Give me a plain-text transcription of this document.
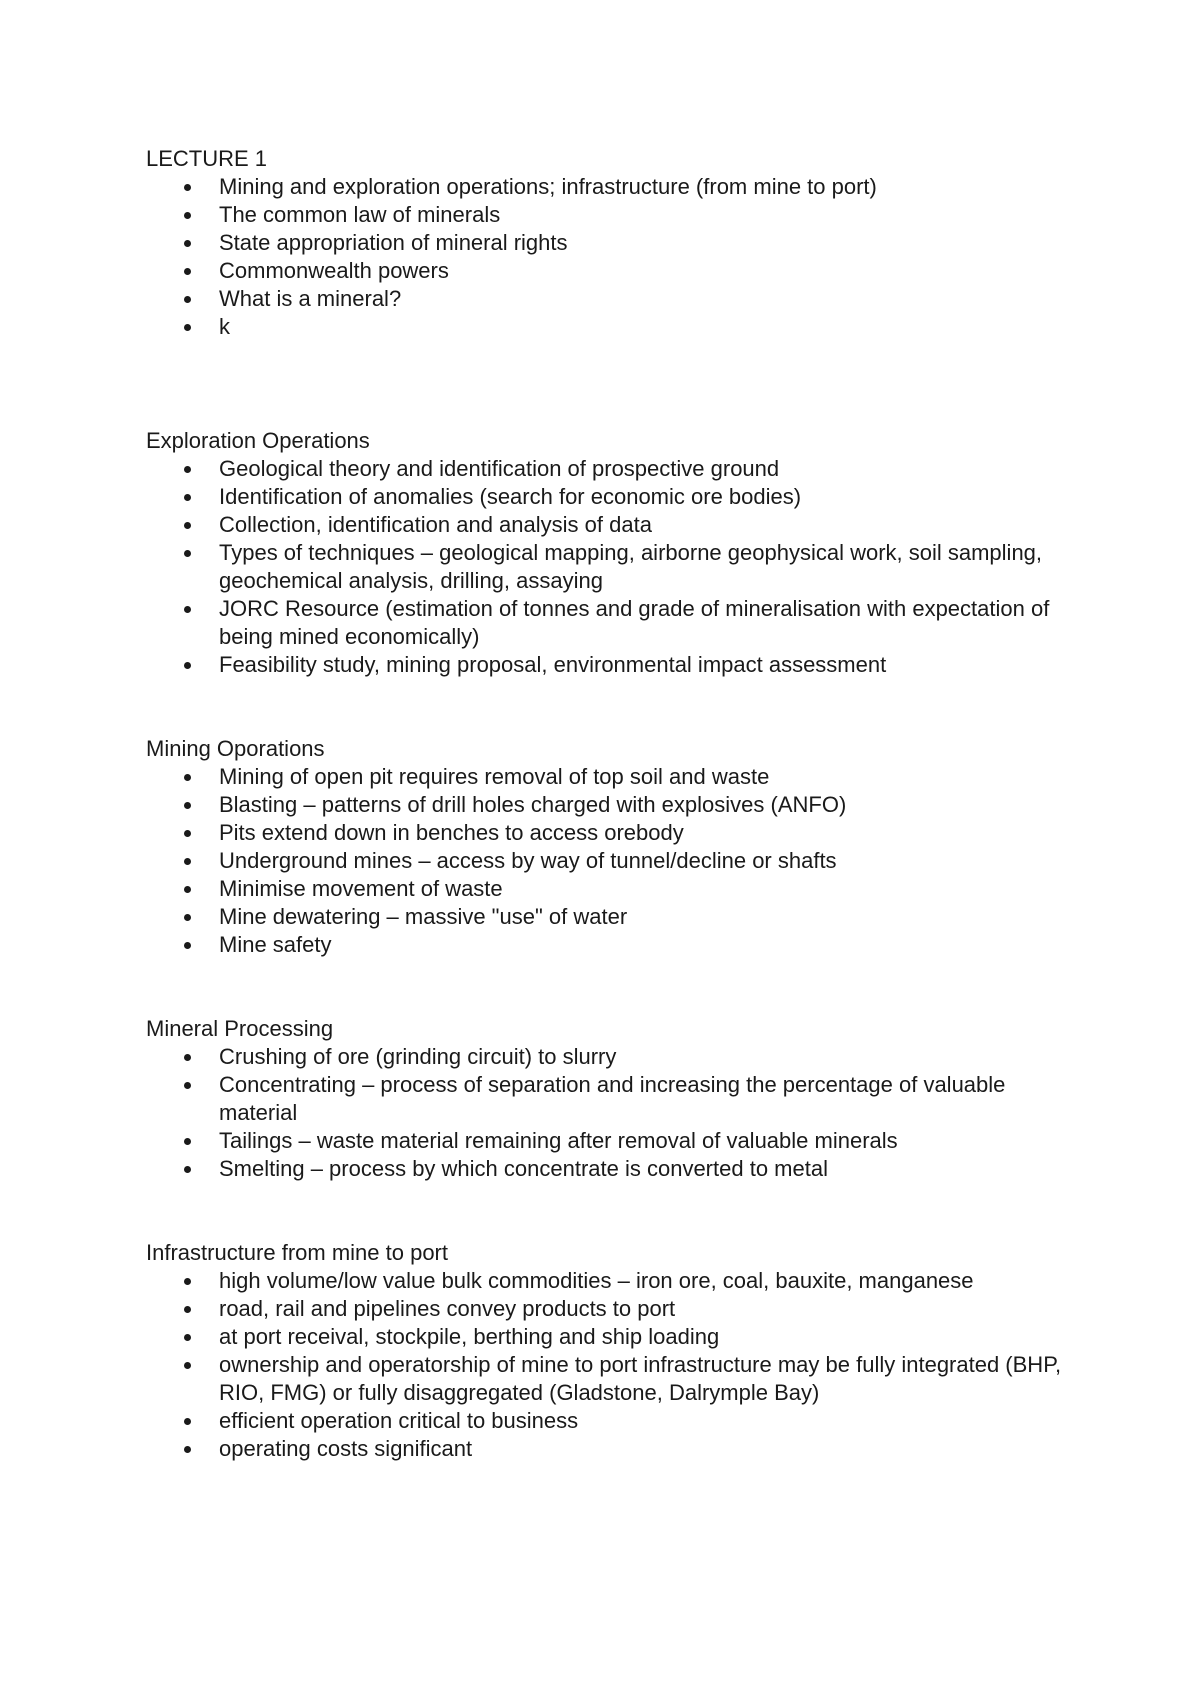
LECTURE 1

Mining and exploration operations; infrastructure (from mine to port)
The common law of minerals
State appropriation of mineral rights
Commonwealth powers
What is a mineral?
k

Exploration Operations

Geological theory and identification of prospective ground
Identification of anomalies (search for economic ore bodies)
Collection, identification and analysis of data
Types of techniques – geological mapping, airborne geophysical work, soil sampling, geochemical analysis, drilling, assaying
JORC Resource (estimation of tonnes and grade of mineralisation with expectation of being mined economically)
Feasibility study, mining proposal, environmental impact assessment

Mining Oporations

Mining of open pit requires removal of top soil and waste
Blasting – patterns of drill holes charged with explosives (ANFO)
Pits extend down in benches to access orebody
Underground mines – access by way of tunnel/decline or shafts
Minimise movement of waste
Mine dewatering – massive "use" of water
Mine safety

Mineral Processing

Crushing of ore (grinding circuit) to slurry
Concentrating – process of separation and increasing the percentage of valuable material
Tailings – waste material remaining after removal of valuable minerals
Smelting – process by which concentrate is converted to metal

Infrastructure from mine to port

high volume/low value bulk commodities – iron ore, coal, bauxite, manganese
road, rail and pipelines convey products to port
at port receival, stockpile, berthing and ship loading
ownership and operatorship of mine to port infrastructure may be fully integrated (BHP, RIO, FMG) or fully disaggregated (Gladstone, Dalrymple Bay)
efficient operation critical to business
operating costs significant
